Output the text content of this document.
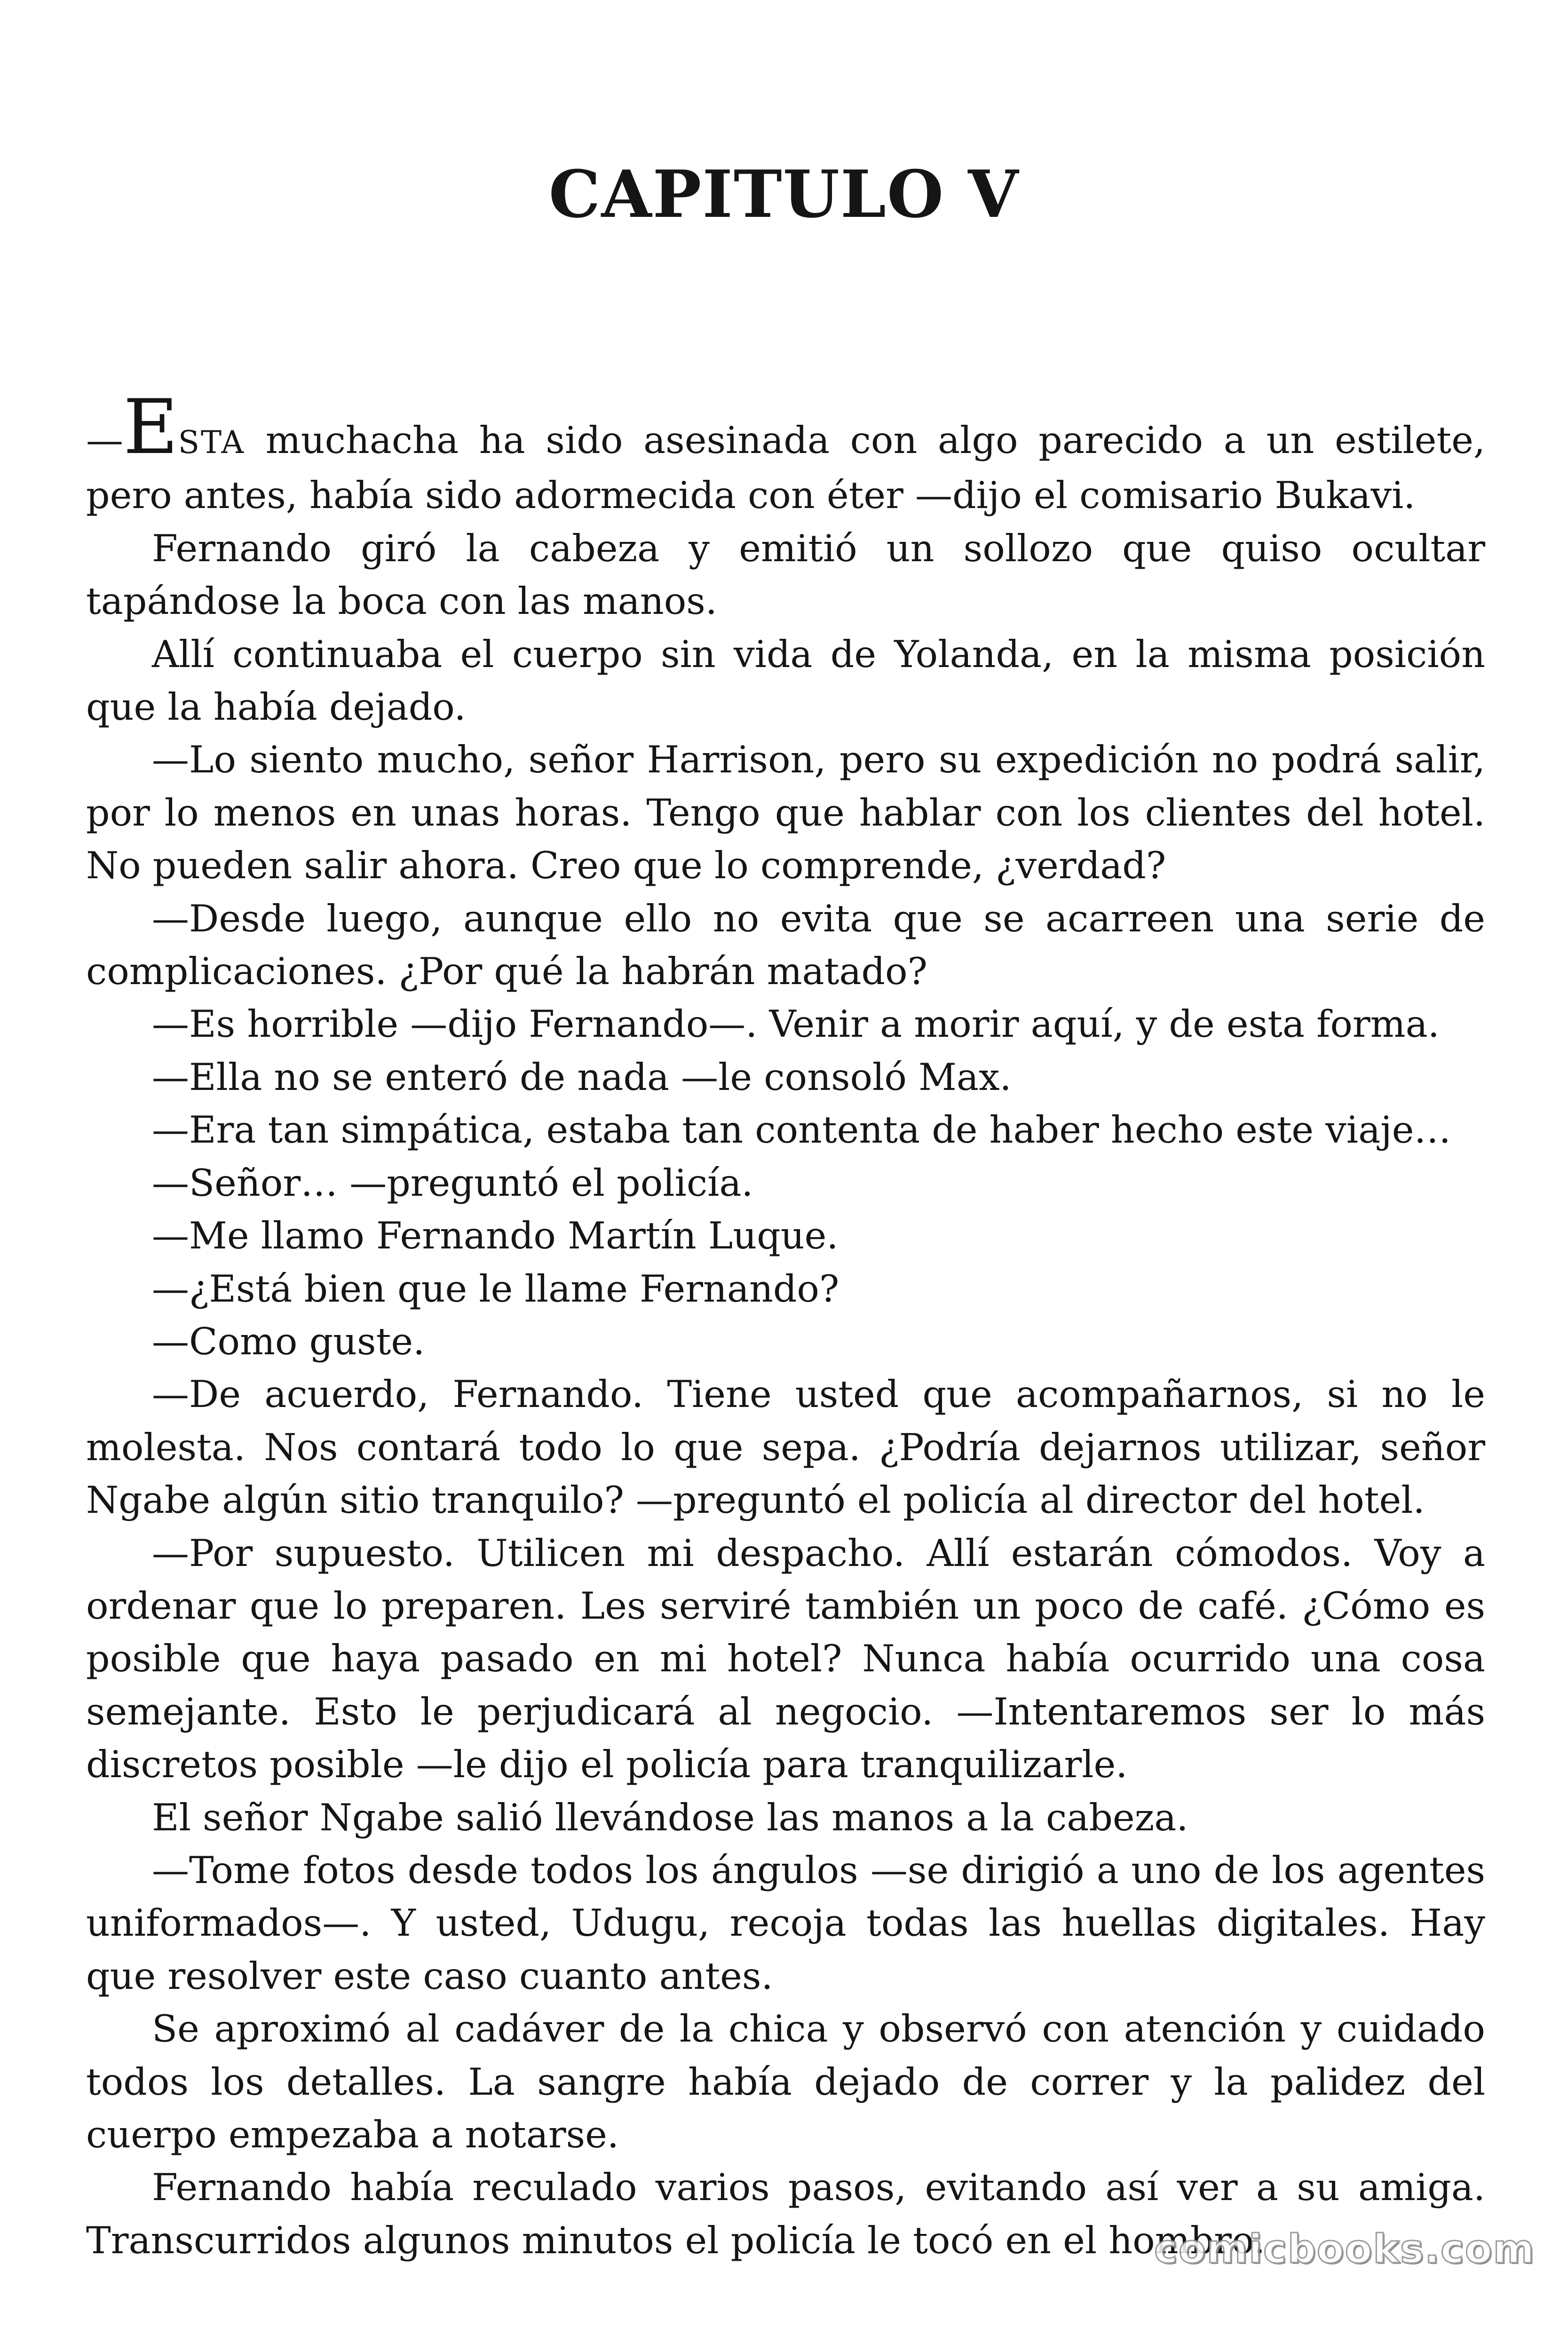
CAPITULO V

—ESTA muchacha ha sido asesinada con algo parecido a un estilete, pero antes, había sido adormecida con éter —dijo el comisario Bukavi.

Fernando giró la cabeza y emitió un sollozo que quiso ocultar tapándose la boca con las manos.

Allí continuaba el cuerpo sin vida de Yolanda, en la misma posición que la había dejado.

—Lo siento mucho, señor Harrison, pero su expedición no podrá salir, por lo menos en unas horas. Tengo que hablar con los clientes del hotel. No pueden salir ahora. Creo que lo comprende, ¿verdad?

—Desde luego, aunque ello no evita que se acarreen una serie de complicaciones. ¿Por qué la habrán matado?

—Es horrible —dijo Fernando—. Venir a morir aquí, y de esta forma.

—Ella no se enteró de nada —le consoló Max.

—Era tan simpática, estaba tan contenta de haber hecho este viaje…

—Señor… —preguntó el policía.

—Me llamo Fernando Martín Luque.

—¿Está bien que le llame Fernando?

—Como guste.

—De acuerdo, Fernando. Tiene usted que acompañarnos, si no le molesta. Nos contará todo lo que sepa. ¿Podría dejarnos utilizar, señor Ngabe algún sitio tranquilo? —preguntó el policía al director del hotel.

—Por supuesto. Utilicen mi despacho. Allí estarán cómodos. Voy a ordenar que lo preparen. Les serviré también un poco de café. ¿Cómo es posible que haya pasado en mi hotel? Nunca había ocurrido una cosa semejante. Esto le perjudicará al negocio. —Intentaremos ser lo más discretos posible —le dijo el policía para tranquilizarle.

El señor Ngabe salió llevándose las manos a la cabeza.

—Tome fotos desde todos los ángulos —se dirigió a uno de los agentes uniformados—. Y usted, Udugu, recoja todas las huellas digitales. Hay que resolver este caso cuanto antes.

Se aproximó al cadáver de la chica y observó con atención y cuidado todos los detalles. La sangre había dejado de correr y la palidez del cuerpo empezaba a notarse.

Fernando había reculado varios pasos, evitando así ver a su amiga. Transcurridos algunos minutos el policía le tocó en el hombro.

comicbooks.com
